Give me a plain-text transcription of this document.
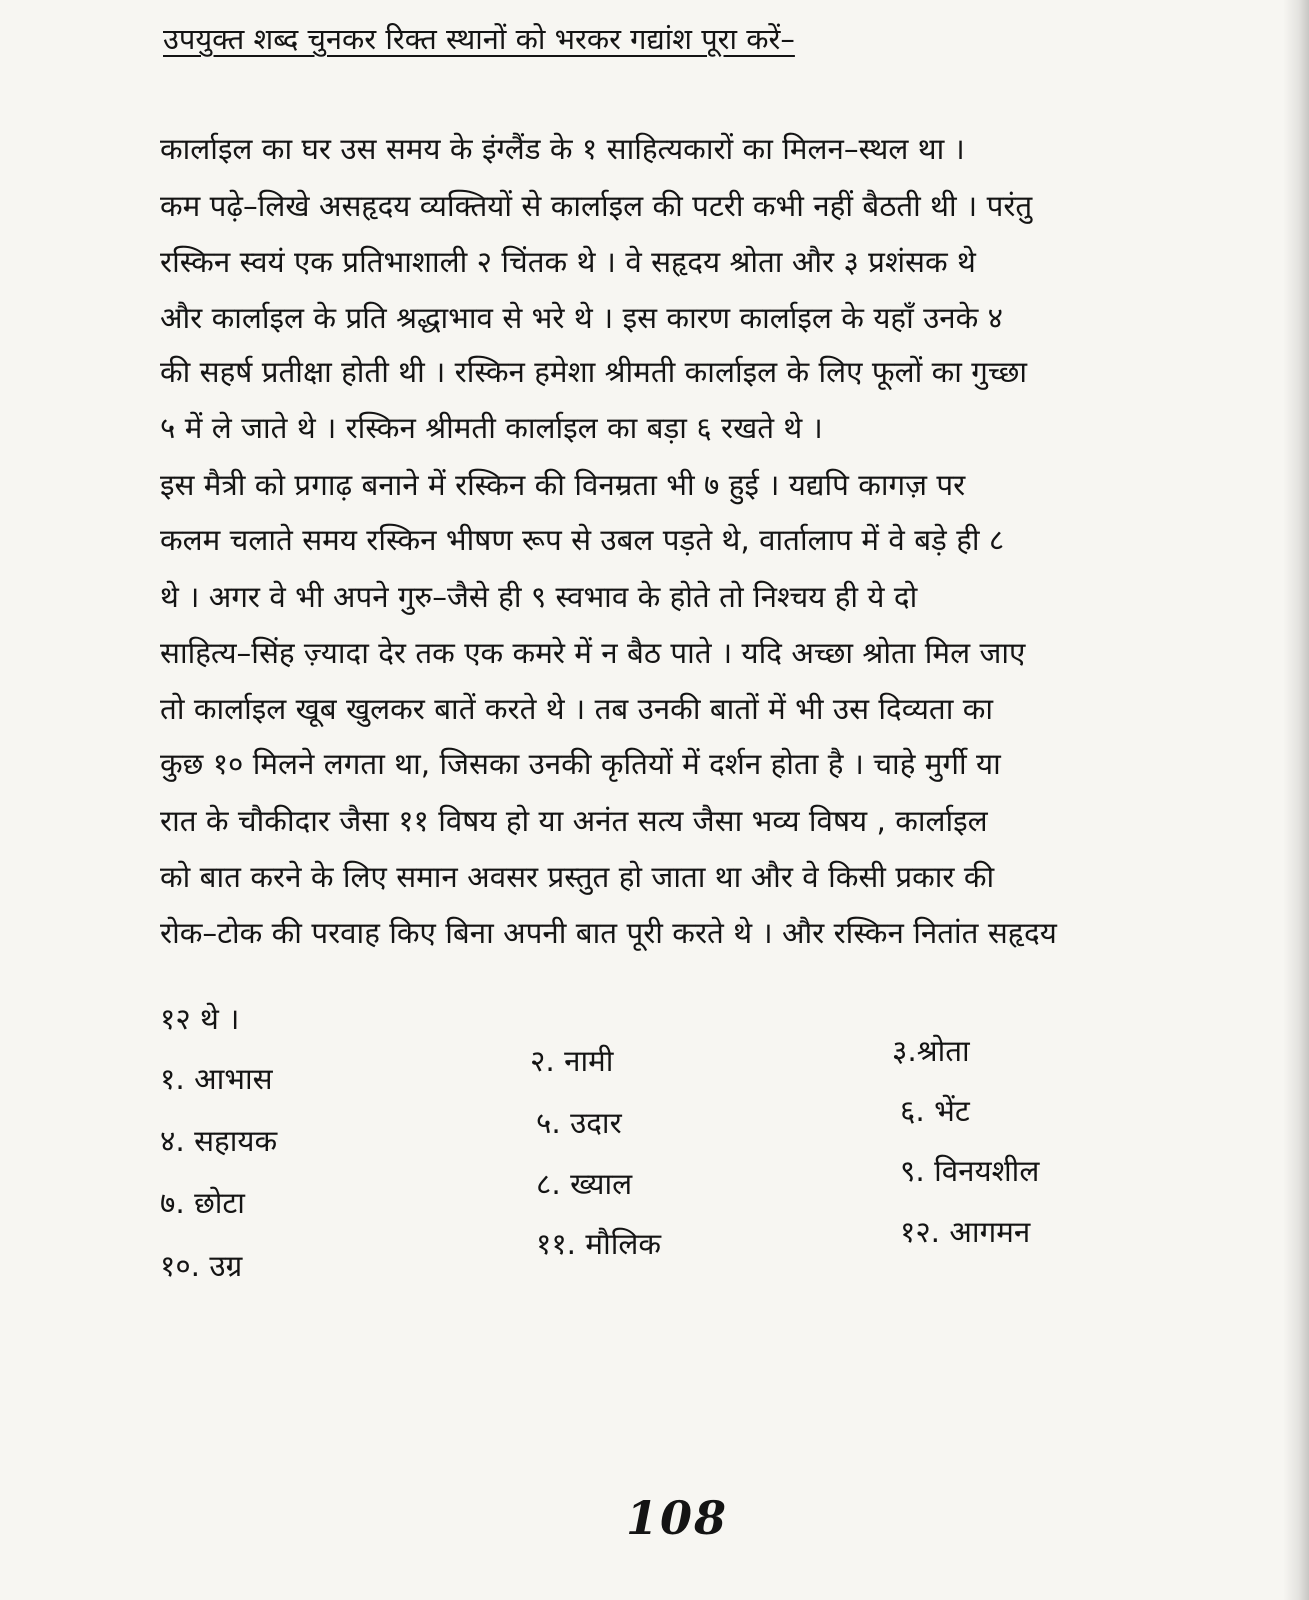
उपयुक्त शब्द चुनकर रिक्त स्थानों को भरकर गद्यांश पूरा करें–
कार्लाइल का घर उस समय के इंग्लैंड के १ साहित्यकारों का मिलन–स्थल था ।
कम पढ़े–लिखे असहृदय व्यक्तियों से कार्लाइल की पटरी कभी नहीं बैठती थी । परंतु
रस्किन स्वयं एक प्रतिभाशाली २ चिंतक थे । वे सहृदय श्रोता और ३ प्रशंसक थे
और कार्लाइल के प्रति श्रद्धाभाव से भरे थे । इस कारण कार्लाइल के यहाँ उनके ४
की सहर्ष प्रतीक्षा होती थी । रस्किन हमेशा श्रीमती कार्लाइल के लिए फूलों का गुच्छा
५ में ले जाते थे । रस्किन श्रीमती कार्लाइल का बड़ा ६ रखते थे ।
इस मैत्री को प्रगाढ़ बनाने में रस्किन की विनम्रता भी ७ हुई । यद्यपि कागज़ पर
कलम चलाते समय रस्किन भीषण रूप से उबल पड़ते थे, वार्तालाप में वे बड़े ही ८
थे । अगर वे भी अपने गुरु–जैसे ही ९ स्वभाव के होते तो निश्चय ही ये दो
साहित्य–सिंह ज़्यादा देर तक एक कमरे में न बैठ पाते । यदि अच्छा श्रोता मिल जाए
तो कार्लाइल खूब खुलकर बातें करते थे । तब उनकी बातों में भी उस दिव्यता का
कुछ १० मिलने लगता था, जिसका उनकी कृतियों में दर्शन होता है । चाहे मुर्गी या
रात के चौकीदार जैसा ११ विषय हो या अनंत सत्य जैसा भव्य विषय , कार्लाइल
को बात करने के लिए समान अवसर प्रस्तुत हो जाता था और वे किसी प्रकार की
रोक–टोक की परवाह किए बिना अपनी बात पूरी करते थे । और रस्किन नितांत सहृदय
१२ थे ।
१. आभास
४. सहायक
७. छोटा
१०. उग्र
२. नामी
५. उदार
८. ख्याल
११. मौलिक
३.श्रोता
६. भेंट
९. विनयशील
१२. आगमन
108
